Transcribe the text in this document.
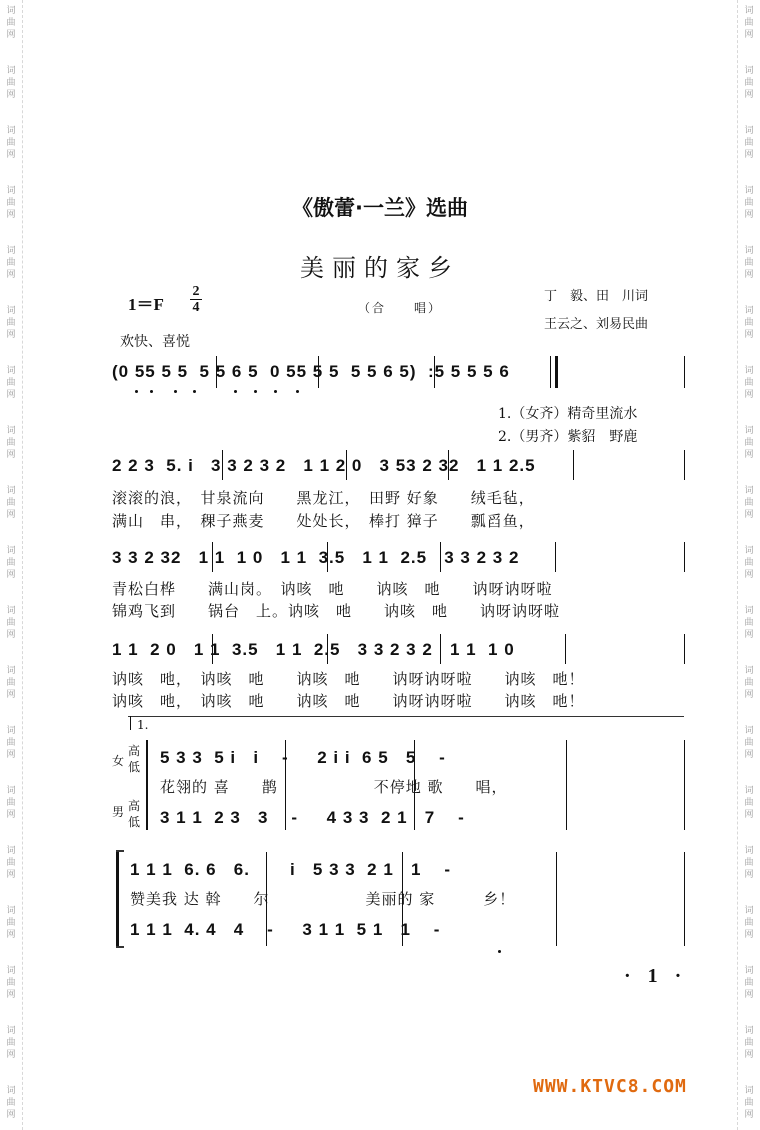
词
曲
网
词
曲
网
词
曲
网
词
曲
网
词
曲
网
词
曲
网
词
曲
网
词
曲
网
词
曲
网
词
曲
网
词
曲
网
词
曲
网
词
曲
网
词
曲
网
词
曲
网
词
曲
网
词
曲
网
词
曲
网
词
曲
网
词
曲
网
词
曲
网
词
曲
网
词
曲
网
词
曲
网
词
曲
网
词
曲
网
词
曲
网
词
曲
网
词
曲
网
词
曲
网
词
曲
网
词
曲
网
词
曲
网
词
曲
网
词
曲
网
词
曲
网
词
曲
网
词
曲
网
《傲蕾·一兰》选曲
美丽的家乡
1＝F
2
4	（合　　唱）
丁　毅、田　川词
王云之、刘易民曲
欢快、喜悦
(0 55 5 5  5 5 6 5  0 55 5 5  5 5 6 5)  :5 5 5 5 6
1.（女齐）精奇里流水
2.（男齐）紫貂　野鹿
2 2 3  5. i   3 3 2 3 2   1 1 2 0   3 53 2 32   1 1 2.5
滚滚的浪，　甘泉流向　　黑龙江，　田野 好象　　绒毛毡，
满山　串，　稞子燕麦　　处处长，　棒打 獐子　　瓢舀鱼，
3 3 2 32   1 1  1 0   1 1  3.5   1 1  2.5   3 3 2 3 2
青松白桦　　满山岗。　讷咳　吔　　讷咳　吔　　讷呀讷呀啦
锦鸡飞到　　锅台　上。讷咳　吔　　讷咳　吔　　讷呀讷呀啦
1 1  2 0   1 1  3.5   1 1  2.5   3 3 2 3 2   1 1  1 0
讷咳　吔，　讷咳　吔　　讷咳　吔　　讷呀讷呀啦　　讷咳　吔！
讷咳　吔，　讷咳　吔　　讷咳　吔　　讷呀讷呀啦　　讷咳　吔！
1.
女
高
低
男 高
低
5 3 3  5 i   i    -     2 i i  6 5   5    -
花翎的 喜　　鹊　　　　　　不停地 歌　　唱，
3 1 1  2 3   3    -     4 3 3  2 1   7    -
1 1 1  6. 6   6.       i   5 3 3  2 1   1    -
赞美我 达 斡　　尔　　　　　　美丽的 家　　　乡！
1 1 1  4. 4   4    -     3 1 1  5 1   1    -
· 1 ·
WWW.KTVC8.COM
